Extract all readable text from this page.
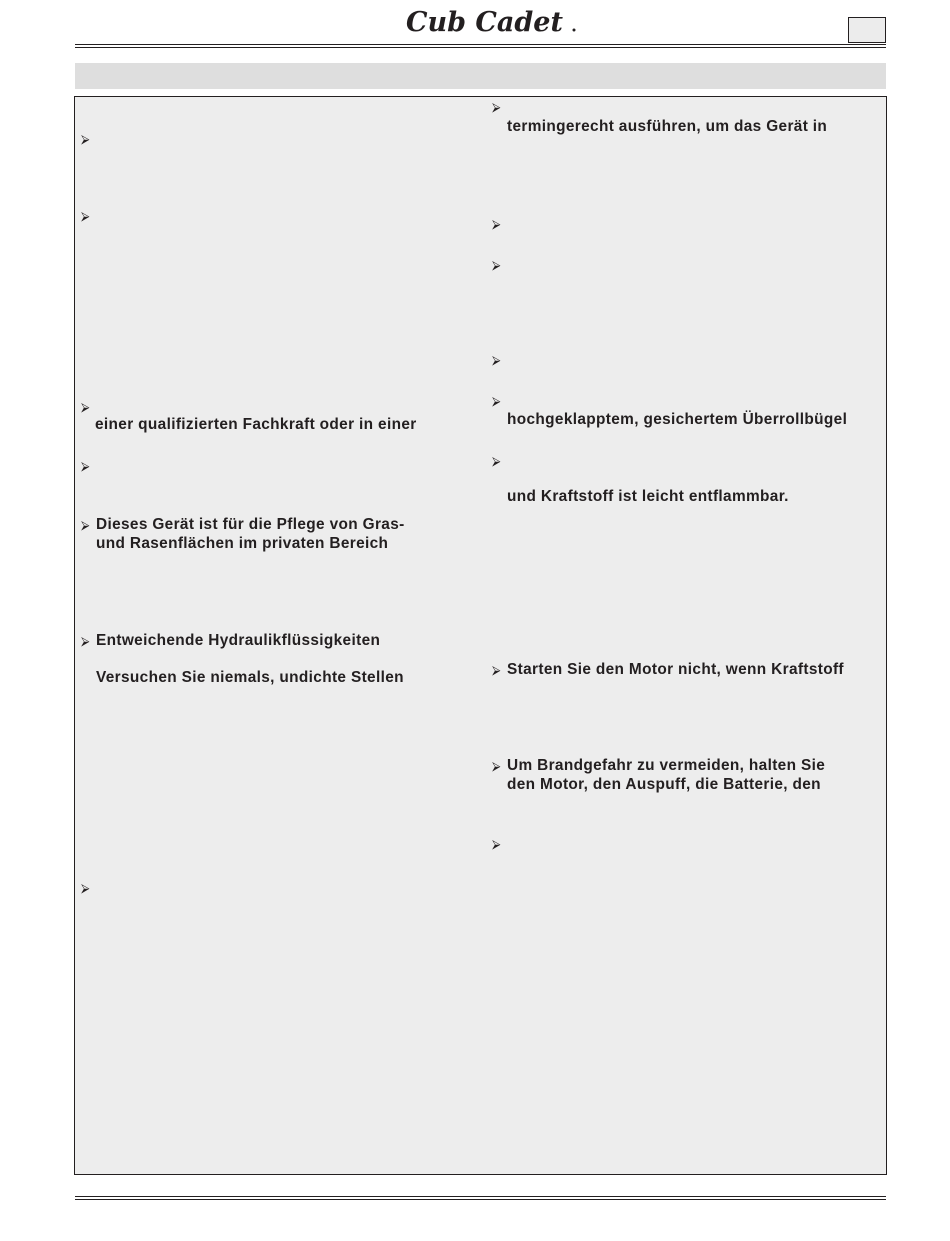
Cub Cadet
⮚
⮚
⮚
einer qualifizierten Fachkraft oder in einer
⮚
⮚ Dieses Gerät ist für die Pflege von Gras-
und Rasenflächen im privaten Bereich
⮚ Entweichende Hydraulikflüssigkeiten
Versuchen Sie niemals, undichte Stellen
⮚
⮚
termingerecht ausführen, um das Gerät in
⮚
⮚
⮚
⮚
hochgeklapptem, gesichertem Überrollbügel
⮚
und Kraftstoff ist leicht entflammbar.
⮚ Starten Sie den Motor nicht, wenn Kraftstoff
⮚ Um Brandgefahr zu vermeiden, halten Sie
den Motor, den Auspuff, die Batterie, den
⮚
